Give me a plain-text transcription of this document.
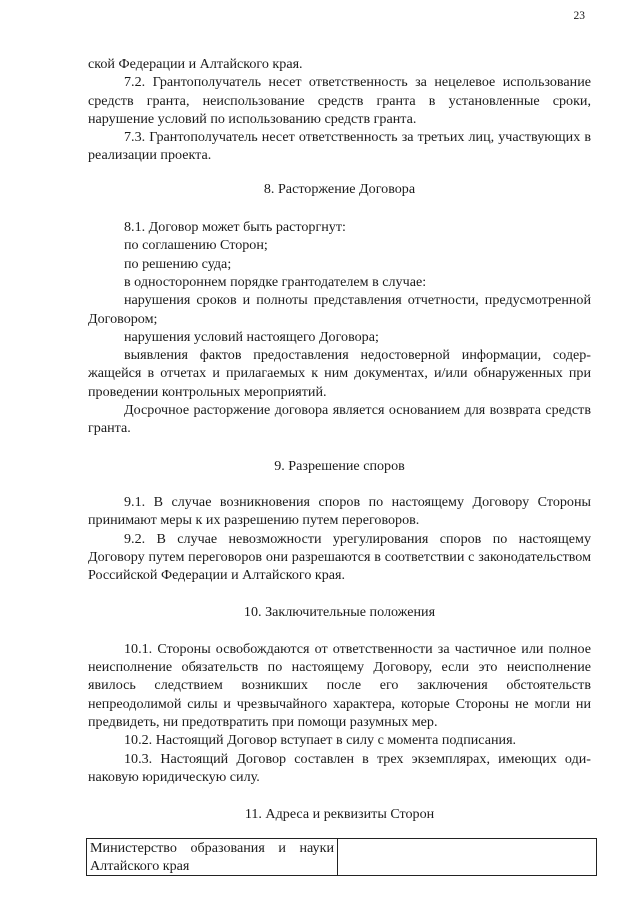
23

ской Федерации и Алтайского края.

7.2. Грантополучатель несет ответственность за нецелевое использование средств гранта, неиспользование средств гранта в установленные сроки, нарушение условий по использованию средств гранта.

7.3. Грантополучатель несет ответственность за третьих лиц, участвующих в реализации проекта.

8. Расторжение Договора

8.1. Договор может быть расторгнут:

по соглашению Сторон;

по решению суда;

в одностороннем порядке грантодателем в случае:

нарушения сроков и полноты представления отчетности, предусмотренной Договором;

нарушения условий настоящего Договора;

выявления фактов предоставления недостоверной информации, содержащейся в отчетах и прилагаемых к ним документах, и/или обнаруженных при проведении контрольных мероприятий.

Досрочное расторжение договора является основанием для возврата средств гранта.

9. Разрешение споров

9.1. В случае возникновения споров по настоящему Договору Стороны принимают меры к их разрешению путем переговоров.

9.2. В случае невозможности урегулирования споров по настоящему Договору путем переговоров они разрешаются в соответствии с законодательством Российской Федерации и Алтайского края.

10. Заключительные положения

10.1. Стороны освобождаются от ответственности за частичное или полное неисполнение обязательств по настоящему Договору, если это неисполнение явилось следствием возникших после его заключения обстоятельств непреодолимой силы и чрезвычайного характера, которые Стороны не могли ни предвидеть, ни предотвратить при помощи разумных мер.

10.2. Настоящий Договор вступает в силу с момента подписания.

10.3. Настоящий Договор составлен в трех экземплярах, имеющих одинаковую юридическую силу.

11. Адреса и реквизиты Сторон
Министерство образования и науки Алтайского края	
